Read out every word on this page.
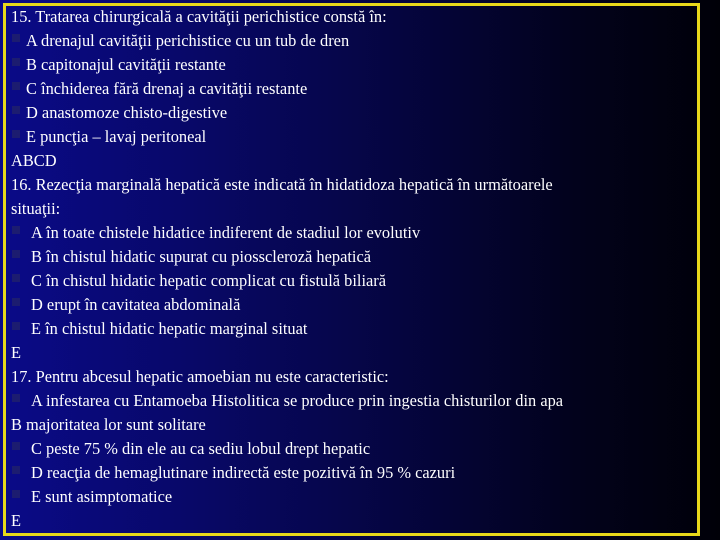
15. Tratarea chirurgicală a cavităţii perichistice constă în:
A drenajul cavităţii perichistice cu un tub de dren
B capitonajul cavităţii restante
C închiderea fără drenaj a cavităţii restante
D anastomoze chisto-digestive
E puncţia – lavaj peritoneal
ABCD
16. Rezecţia marginală hepatică este indicată în hidatidoza hepatică în următoarele
situaţii:
A în toate chistele hidatice indiferent de stadiul lor evolutiv
B în chistul hidatic supurat cu piosscleroză hepatică
C în chistul hidatic hepatic complicat cu fistulă biliară
D erupt în cavitatea abdominală
E în chistul hidatic hepatic marginal situat
E
17. Pentru abcesul hepatic amoebian nu este caracteristic:
A infestarea cu Entamoeba Histolitica se produce prin ingestia chisturilor din apa
B majoritatea lor sunt solitare
C peste 75 % din ele au ca sediu lobul drept hepatic
D reacţia de hemaglutinare indirectă este pozitivă în 95 % cazuri
E sunt asimptomatice
E
